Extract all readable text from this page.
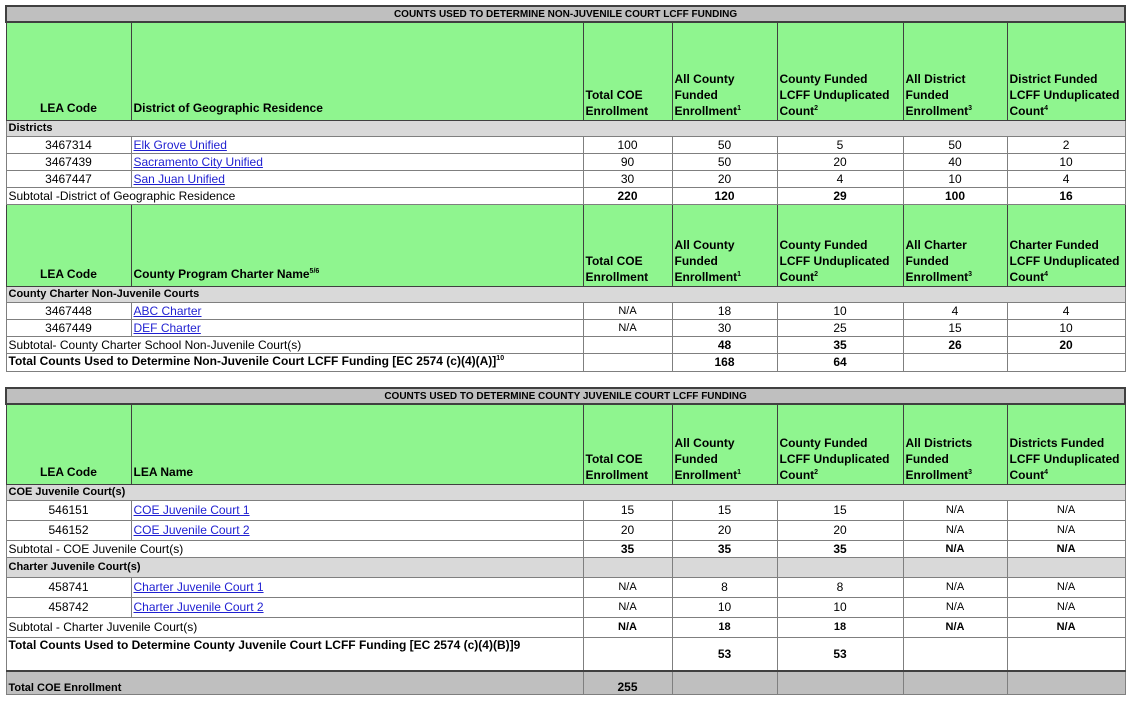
COUNTS USED TO DETERMINE NON-JUVENILE COURT LCFF FUNDING						
LEA Code	District of Geographic Residence	Total COE Enrollment	All County Funded Enrollment$^1$	County Funded LCFF Unduplicated Count$^2$	All District Funded Enrollment$^3$	District Funded LCFF Unduplicated Count$^4$
Districts						
3467314	Elk Grove Unified	100	50	5	50	2
3467439	Sacramento City Unified	90	50	20	40	10
3467447	San Juan Unified	30	20	4	10	4
Subtotal -District of Geographic Residence		220	120	29	100	16
LEA Code	County Program Charter Name$^{5/6}$	Total COE Enrollment	All County Funded Enrollment$^1$	County Funded LCFF Unduplicated Count$^2$	All Charter Funded Enrollment$^3$	Charter Funded LCFF Unduplicated Count$^4$
County Charter Non-Juvenile Courts						
3467448	ABC Charter	N/A	18	10	4	4
3467449	DEF Charter	N/A	30	25	15	10
Subtotal- County Charter School Non-Juvenile Court(s)			48	35	26	20
Total Counts Used to Determine Non-Juvenile Court LCFF Funding [EC 2574 (c)(4)(A)]$^{10}$			168	64		
COUNTS USED TO DETERMINE COUNTY JUVENILE COURT LCFF FUNDING						
LEA Code	LEA Name	Total COE Enrollment	All County Funded Enrollment$^1$	County Funded LCFF Unduplicated Count$^2$	All Districts Funded Enrollment$^3$	Districts Funded LCFF Unduplicated Count$^4$
COE Juvenile Court(s)						
546151	COE Juvenile Court 1	15	15	15	N/A	N/A
546152	COE Juvenile Court 2	20	20	20	N/A	N/A
Subtotal - COE Juvenile Court(s)		35	35	35	N/A	N/A
Charter Juvenile Court(s)						
458741	Charter Juvenile Court 1	N/A	8	8	N/A	N/A
458742	Charter Juvenile Court 2	N/A	10	10	N/A	N/A
Subtotal - Charter Juvenile Court(s)		N/A	18	18	N/A	N/A
Total Counts Used to Determine County Juvenile Court LCFF Funding [EC 2574 (c)(4)(B)]9			53	53		
Total COE Enrollment		255				
